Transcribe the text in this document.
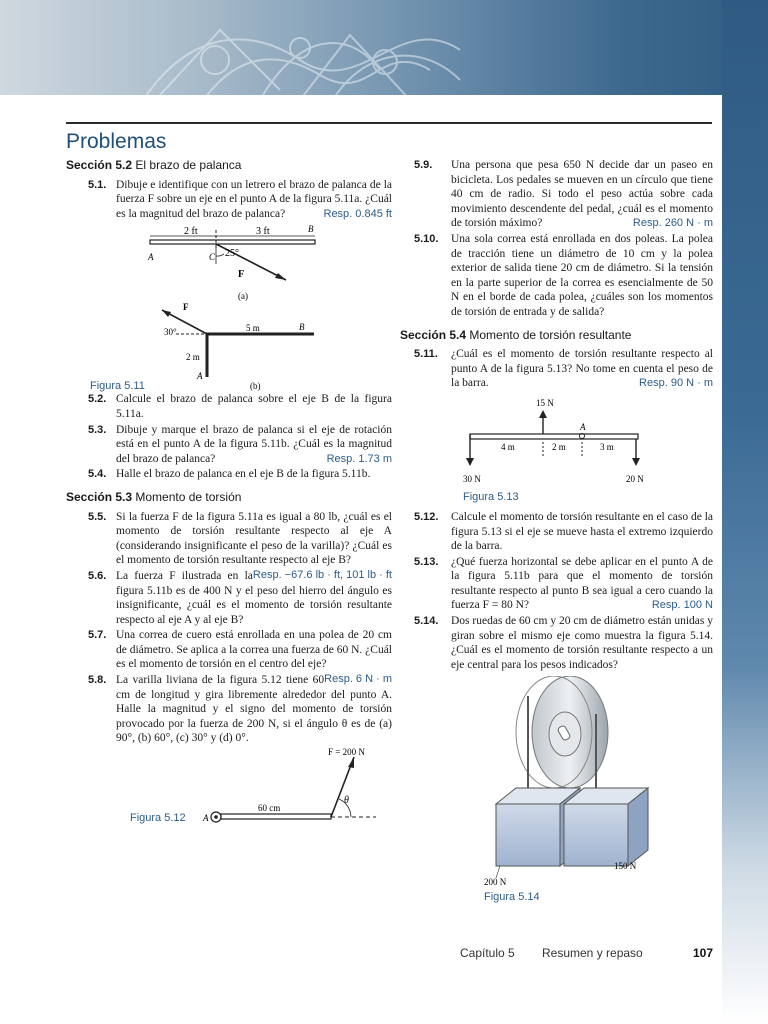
Problemas
Sección 5.2 El brazo de palanca
5.1. Dibuje e identifique con un letrero el brazo de palanca de la fuerza F sobre un eje en el punto A de la figura 5.11a. ¿Cuál es la magnitud del brazo de palanca?	Resp. 0.845 ft
2 ft	3 ft
25°
A
B
C
F
(a)
F
30°	5 m
2 m
B
A
(b)
Figura 5.11
5.2. Calcule el brazo de palanca sobre el eje B de la figura 5.11a.
5.3. Dibuje y marque el brazo de palanca si el eje de rotación está en el punto A de la figura 5.11b. ¿Cuál es la magnitud del brazo de palanca?	Resp. 1.73 m
5.4. Halle el brazo de palanca en el eje B de la figura 5.11b.
Sección 5.3 Momento de torsión
5.5. Si la fuerza F de la figura 5.11a es igual a 80 lb, ¿cuál es el momento de torsión resultante respecto al eje A (considerando insignificante el peso de la varilla)? ¿Cuál es el momento de torsión resultante respecto al eje B?
Resp. −67.6 lb · ft, 101 lb · ft
5.6. La fuerza F ilustrada en la figura 5.11b es de 400 N y el peso del hierro del ángulo es insignificante, ¿cuál es el momento de torsión resultante respecto al eje A y al eje B?
5.7. Una correa de cuero está enrollada en una polea de 20 cm de diámetro. Se aplica a la correa una fuerza de 60 N. ¿Cuál es el momento de torsión en el centro del eje?
Resp. 6 N · m
5.8. La varilla liviana de la figura 5.12 tiene 60 cm de longitud y gira libremente alrededor del punto A. Halle la magnitud y el signo del momento de torsión provocado por la fuerza de 200 N, si el ángulo θ es de (a) 90°, (b) 60°, (c) 30° y (d) 0°.
Figura 5.12 A
60 cm
θ
F = 200 N
5.9. Una persona que pesa 650 N decide dar un paseo en bicicleta. Los pedales se mueven en un círculo que tiene 40 cm de radio. Si todo el peso actúa sobre cada movimiento descendente del pedal, ¿cuál es el momento de torsión máximo?	Resp. 260 N · m
5.10. Una sola correa está enrollada en dos poleas. La polea de tracción tiene un diámetro de 10 cm y la polea exterior de salida tiene 20 cm de diámetro. Si la tensión en la parte superior de la correa es esencialmente de 50 N en el borde de cada polea, ¿cuáles son los momentos de torsión de entrada y de salida?
Sección 5.4 Momento de torsión resultante
5.11. ¿Cuál es el momento de torsión resultante respecto al punto A de la figura 5.13? No tome en cuenta el peso de la barra.	Resp. 90 N · m
A
15 N
4 m	2 m	3 m
30 N	20 N
Figura 5.13
5.12. Calcule el momento de torsión resultante en el caso de la figura 5.13 si el eje se mueve hasta el extremo izquierdo de la barra.
5.13. ¿Qué fuerza horizontal se debe aplicar en el punto A de la figura 5.11b para que el momento de torsión resultante respecto al punto B sea igual a cero cuando la fuerza F = 80 N?	Resp. 100 N
5.14. Dos ruedas de 60 cm y 20 cm de diámetro están unidas y giran sobre el mismo eje como muestra la figura 5.14. ¿Cuál es el momento de torsión resultante respecto a un eje central para los pesos indicados?
200 N
150 N
Figura 5.14
Capítulo 5 Resumen y repaso	107
